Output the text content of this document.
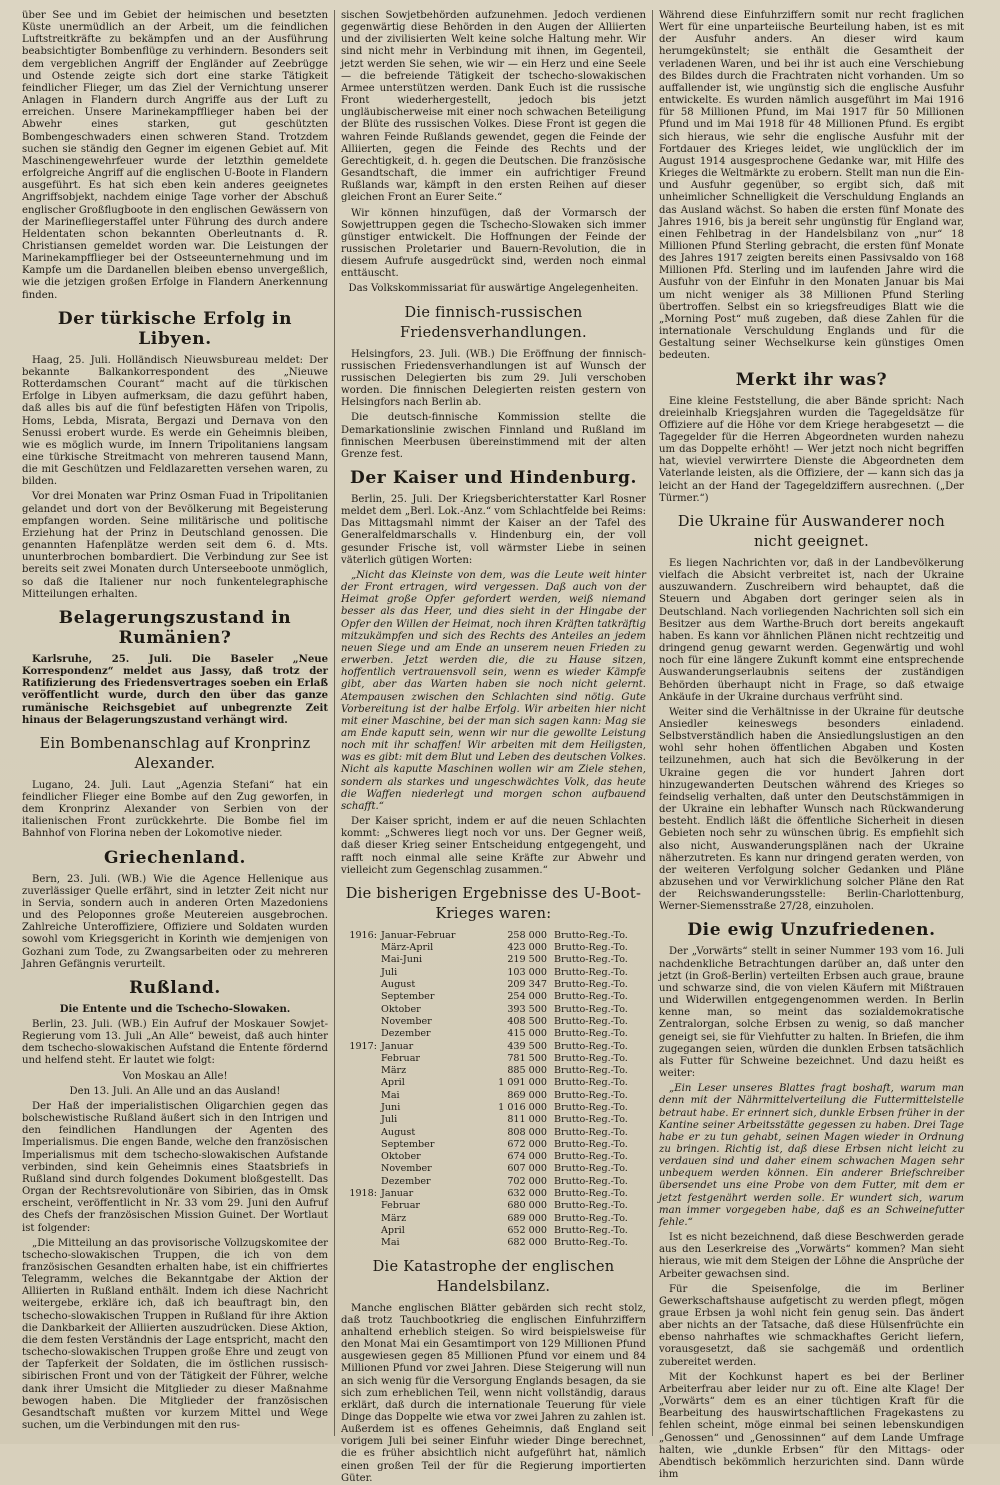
über See und im Gebiet der heimischen und besetzten Küste unermüdlich an der Arbeit, um die feindlichen Luftstreitkräfte zu bekämpfen und an der Ausführung beabsichtigter Bombenflüge zu verhindern. Besonders seit dem vergeblichen Angriff der Engländer auf Zeebrügge und Ostende zeigte sich dort eine starke Tätigkeit feindlicher Flieger, um das Ziel der Vernichtung unserer Anlagen in Flandern durch Angriffe aus der Luft zu erreichen. Unsere Marinekampfflieger haben bei der Abwehr eines starken, gut geschützten Bombengeschwaders einen schweren Stand. Trotzdem suchen sie ständig den Gegner im eigenen Gebiet auf. Mit Maschinengewehrfeuer wurde der letzthin gemeldete erfolgreiche Angriff auf die englischen U-Boote in Flandern ausgeführt. Es hat sich eben kein anderes geeignetes Angriffsobjekt, nachdem einige Tage vorher der Abschuß englischer Großflugboote in den englischen Gewässern von der Marinefliegerstaffel unter Führung des durch andere Heldentaten schon bekannten Oberleutnants d. R. Christiansen gemeldet worden war. Die Leistungen der Marinekampfflieger bei der Ostseeunternehmung und im Kampfe um die Dardanellen bleiben ebenso unvergeßlich, wie die jetzigen großen Erfolge in Flandern Anerkennung finden.

Der türkische Erfolg in Libyen.

Haag, 25. Juli. Holländisch Nieuwsbureau meldet: Der bekannte Balkankorrespondent des „Nieuwe Rotterdamschen Courant“ macht auf die türkischen Erfolge in Libyen aufmerksam, die dazu geführt haben, daß alles bis auf die fünf befestigten Häfen von Tripolis, Homs, Lebda, Misrata, Bergazi und Dernava von den Senussi erobert wurde. Es werde ein Geheimnis bleiben, wie es möglich wurde, im Innern Tripolitaniens langsam eine türkische Streitmacht von mehreren tausend Mann, die mit Geschützen und Feldlazaretten versehen waren, zu bilden.

Vor drei Monaten war Prinz Osman Fuad in Tripolitanien gelandet und dort von der Bevölkerung mit Begeisterung empfangen worden. Seine militärische und politische Erziehung hat der Prinz in Deutschland genossen. Die genannten Hafenplätze werden seit dem 6. d. Mts. ununterbrochen bombardiert. Die Verbindung zur See ist bereits seit zwei Monaten durch Unterseeboote unmöglich, so daß die Italiener nur noch funkentelegraphische Mitteilungen erhalten.

Belagerungszustand in Rumänien?

Karlsruhe, 25. Juli. Die Baseler „Neue Korrespondenz“ meldet aus Jassy, daß trotz der Ratifizierung des Friedensvertrages soeben ein Erlaß veröffentlicht wurde, durch den über das ganze rumänische Reichsgebiet auf unbegrenzte Zeit hinaus der Belagerungszustand verhängt wird.

Ein Bombenanschlag auf Kronprinz Alexander.

Lugano, 24. Juli. Laut „Agenzia Stefani“ hat ein feindlicher Flieger eine Bombe auf den Zug geworfen, in dem Kronprinz Alexander von Serbien von der italienischen Front zurückkehrte. Die Bombe fiel im Bahnhof von Florina neben der Lokomotive nieder.

Griechenland.

Bern, 23. Juli. (WB.) Wie die Agence Hellenique aus zuverlässiger Quelle erfährt, sind in letzter Zeit nicht nur in Servia, sondern auch in anderen Orten Mazedoniens und des Peloponnes große Meutereien ausgebrochen. Zahlreiche Unteroffiziere, Offiziere und Soldaten wurden sowohl vom Kriegsgericht in Korinth wie demjenigen von Gozhani zum Tode, zu Zwangsarbeiten oder zu mehreren Jahren Gefängnis verurteilt.

Rußland.

Die Entente und die Tschecho-Slowaken.

Berlin, 23. Juli. (WB.) Ein Aufruf der Moskauer Sowjet-Regierung vom 13. Juli „An Alle“ beweist, daß auch hinter dem tschecho-slowakischen Aufstand die Entente fördernd und helfend steht. Er lautet wie folgt:

Von Moskau an Alle!

Den 13. Juli. An Alle und an das Ausland!

Der Haß der imperialistischen Oligarchien gegen das bolschewistische Rußland äußert sich in den Intrigen und den feindlichen Handlungen der Agenten des Imperialismus. Die engen Bande, welche den französischen Imperialismus mit dem tschecho-slowakischen Aufstande verbinden, sind kein Geheimnis eines Staatsbriefs in Rußland sind durch folgendes Dokument bloßgestellt. Das Organ der Rechtsrevolutionäre von Sibirien, das in Omsk erscheint, veröffentlicht in Nr. 33 vom 29. Juni den Aufruf des Chefs der französischen Mission Guinet. Der Wortlaut ist folgender:

„Die Mitteilung an das provisorische Vollzugskomitee der tschecho-slowakischen Truppen, die ich von dem französischen Gesandten erhalten habe, ist ein chiffriertes Telegramm, welches die Bekanntgabe der Aktion der Alliierten in Rußland enthält. Indem ich diese Nachricht weitergebe, erkläre ich, daß ich beauftragt bin, den tschecho-slowakischen Truppen in Rußland für ihre Aktion die Dankbarkeit der Alliierten auszudrücken. Diese Aktion, die dem festen Verständnis der Lage entspricht, macht den tschecho-slowakischen Truppen große Ehre und zeugt von der Tapferkeit der Soldaten, die im östlichen russisch-sibirischen Front und von der Tätigkeit der Führer, welche dank ihrer Umsicht die Mitglieder zu dieser Maßnahme bewogen haben. Die Mitglieder der französischen Gesandtschaft mußten vor kurzem Mittel und Wege suchen, um die Verbindungen mit den rus-

sischen Sowjetbehörden aufzunehmen. Jedoch verdienen gegenwärtig diese Behörden in den Augen der Alliierten und der zivilisierten Welt keine solche Haltung mehr. Wir sind nicht mehr in Verbindung mit ihnen, im Gegenteil, jetzt werden Sie sehen, wie wir — ein Herz und eine Seele — die befreiende Tätigkeit der tschecho-slowakischen Armee unterstützen werden. Dank Euch ist die russische Front wiederhergestellt, jedoch bis jetzt ungläubischerweise mit einer noch schwachen Beteiligung der Blüte des russischen Volkes. Diese Front ist gegen die wahren Feinde Rußlands gewendet, gegen die Feinde der Alliierten, gegen die Feinde des Rechts und der Gerechtigkeit, d. h. gegen die Deutschen. Die französische Gesandtschaft, die immer ein aufrichtiger Freund Rußlands war, kämpft in den ersten Reihen auf dieser gleichen Front an Eurer Seite.“

Wir können hinzufügen, daß der Vormarsch der Sowjettruppen gegen die Tschecho-Slowaken sich immer günstiger entwickelt. Die Hoffnungen der Feinde der russischen Proletarier und Bauern-Revolution, die in diesem Aufrufe ausgedrückt sind, werden noch einmal enttäuscht.

Das Volkskommissariat für auswärtige Angelegenheiten.

Die finnisch-russischen Friedensverhandlungen.

Helsingfors, 23. Juli. (WB.) Die Eröffnung der finnisch-russischen Friedensverhandlungen ist auf Wunsch der russischen Delegierten bis zum 29. Juli verschoben worden. Die finnischen Delegierten reisten gestern von Helsingfors nach Berlin ab.

Die deutsch-finnische Kommission stellte die Demarkationslinie zwischen Finnland und Rußland im finnischen Meerbusen übereinstimmend mit der alten Grenze fest.

Der Kaiser und Hindenburg.

Berlin, 25. Juli. Der Kriegsberichterstatter Karl Rosner meldet dem „Berl. Lok.-Anz.“ vom Schlachtfelde bei Reims: Das Mittagsmahl nimmt der Kaiser an der Tafel des Generalfeldmarschalls v. Hindenburg ein, der voll gesunder Frische ist, voll wärmster Liebe in seinen väterlich gütigen Worten:

„Nicht das Kleinste von dem, was die Leute weit hinter der Front ertragen, wird vergessen. Daß auch von der Heimat große Opfer gefordert werden, weiß niemand besser als das Heer, und dies sieht in der Hingabe der Opfer den Willen der Heimat, noch ihren Kräften tatkräftig mitzukämpfen und sich des Rechts des Anteiles an jedem neuen Siege und am Ende an unserem neuen Frieden zu erwerben. Jetzt werden die, die zu Hause sitzen, hoffentlich vertrauensvoll sein, wenn es wieder Kämpfe gibt, aber das Warten haben sie noch nicht gelernt. Atempausen zwischen den Schlachten sind nötig. Gute Vorbereitung ist der halbe Erfolg. Wir arbeiten hier nicht mit einer Maschine, bei der man sich sagen kann: Mag sie am Ende kaputt sein, wenn wir nur die gewollte Leistung noch mit ihr schaffen! Wir arbeiten mit dem Heiligsten, was es gibt: mit dem Blut und Leben des deutschen Volkes. Nicht als kaputte Maschinen wollen wir am Ziele stehen, sondern als starkes und ungeschwächtes Volk, das heute die Waffen niederlegt und morgen schon aufbauend schafft.“

Der Kaiser spricht, indem er auf die neuen Schlachten kommt: „Schweres liegt noch vor uns. Der Gegner weiß, daß dieser Krieg seiner Entscheidung entgegengeht, und rafft noch einmal alle seine Kräfte zur Abwehr und vielleicht zum Gegenschlag zusammen.“

Die bisherigen Ergebnisse des U-Boot-Krieges waren:
1916:	Januar-Februar	258 000	Brutto-Reg.-To.
	März-April	423 000	Brutto-Reg.-To.
	Mai-Juni	219 500	Brutto-Reg.-To.
	Juli	103 000	Brutto-Reg.-To.
	August	209 347	Brutto-Reg.-To.
	September	254 000	Brutto-Reg.-To.
	Oktober	393 500	Brutto-Reg.-To.
	November	408 500	Brutto-Reg.-To.
	Dezember	415 000	Brutto-Reg.-To.
1917:	Januar	439 500	Brutto-Reg.-To.
	Februar	781 500	Brutto-Reg.-To.
	März	885 000	Brutto-Reg.-To.
	April	1 091 000	Brutto-Reg.-To.
	Mai	869 000	Brutto-Reg.-To.
	Juni	1 016 000	Brutto-Reg.-To.
	Juli	811 000	Brutto-Reg.-To.
	August	808 000	Brutto-Reg.-To.
	September	672 000	Brutto-Reg.-To.
	Oktober	674 000	Brutto-Reg.-To.
	November	607 000	Brutto-Reg.-To.
	Dezember	702 000	Brutto-Reg.-To.
1918:	Januar	632 000	Brutto-Reg.-To.
	Februar	680 000	Brutto-Reg.-To.
	März	689 000	Brutto-Reg.-To.
	April	652 000	Brutto-Reg.-To.
	Mai	682 000	Brutto-Reg.-To.
Die Katastrophe der englischen Handelsbilanz.

Manche englischen Blätter gebärden sich recht stolz, daß trotz Tauchbootkrieg die englischen Einfuhrziffern anhaltend erheblich steigen. So wird beispielsweise für den Monat Mai ein Gesamtimport von 129 Millionen Pfund ausgewiesen gegen 85 Millionen Pfund vor einem und 84 Millionen Pfund vor zwei Jahren. Diese Steigerung will nun an sich wenig für die Versorgung Englands besagen, da sie sich zum erheblichen Teil, wenn nicht vollständig, daraus erklärt, daß durch die internationale Teuerung für viele Dinge das Doppelte wie etwa vor zwei Jahren zu zahlen ist. Außerdem ist es offenes Geheimnis, daß England seit vorigem Juli bei seiner Einfuhr wieder Dinge berechnet, die es früher absichtlich nicht aufgeführt hat, nämlich einen großen Teil der für die Regierung importierten Güter.

Während diese Einfuhrziffern somit nur recht fraglichen Wert für eine unparteiische Beurteilung haben, ist es mit der Ausfuhr anders. An dieser wird kaum herumgekünstelt; sie enthält die Gesamtheit der verladenen Waren, und bei ihr ist auch eine Verschiebung des Bildes durch die Frachtraten nicht vorhanden. Um so auffallender ist, wie ungünstig sich die englische Ausfuhr entwickelte. Es wurden nämlich ausgeführt im Mai 1916 für 58 Millionen Pfund, im Mai 1917 für 50 Millionen Pfund und im Mai 1918 für 48 Millionen Pfund. Es ergibt sich hieraus, wie sehr die englische Ausfuhr mit der Fortdauer des Krieges leidet, wie unglücklich der im August 1914 ausgesprochene Gedanke war, mit Hilfe des Krieges die Weltmärkte zu erobern. Stellt man nun die Ein- und Ausfuhr gegenüber, so ergibt sich, daß mit unheimlicher Schnelligkeit die Verschuldung Englands an das Ausland wächst. So haben die ersten fünf Monate des Jahres 1916, bis ja bereit sehr ungünstig für England war, einen Fehlbetrag in der Handelsbilanz von „nur“ 18 Millionen Pfund Sterling gebracht, die ersten fünf Monate des Jahres 1917 zeigten bereits einen Passivsaldo von 168 Millionen Pfd. Sterling und im laufenden Jahre wird die Ausfuhr von der Einfuhr in den Monaten Januar bis Mai um nicht weniger als 38 Millionen Pfund Sterling übertroffen. Selbst ein so kriegsfreudiges Blatt wie die „Morning Post“ muß zugeben, daß diese Zahlen für die internationale Verschuldung Englands und für die Gestaltung seiner Wechselkurse kein günstiges Omen bedeuten.

Merkt ihr was?

Eine kleine Feststellung, die aber Bände spricht: Nach dreieinhalb Kriegsjahren wurden die Tagegeldsätze für Offiziere auf die Höhe vor dem Kriege herabgesetzt — die Tagegelder für die Herren Abgeordneten wurden nahezu um das Doppelte erhöht! — Wer jetzt noch nicht begriffen hat, wieviel verwirrtere Dienste die Abgeordneten dem Vaterlande leisten, als die Offiziere, der — kann sich das ja leicht an der Hand der Tagegeldziffern ausrechnen. („Der Türmer.“)

Die Ukraine für Auswanderer noch nicht geeignet.

Es liegen Nachrichten vor, daß in der Landbevölkerung vielfach die Absicht verbreitet ist, nach der Ukraine auszuwandern. Zuschreibern wird behauptet, daß die Steuern und Abgaben dort geringer seien als in Deutschland. Nach vorliegenden Nachrichten soll sich ein Besitzer aus dem Warthe-Bruch dort bereits angekauft haben. Es kann vor ähnlichen Plänen nicht rechtzeitig und dringend genug gewarnt werden. Gegenwärtig und wohl noch für eine längere Zukunft kommt eine entsprechende Auswanderungserlaubnis seitens der zuständigen Behörden überhaupt nicht in Frage, so daß etwaige Ankäufe in der Ukraine durchaus verfrüht sind.

Weiter sind die Verhältnisse in der Ukraine für deutsche Ansiedler keineswegs besonders einladend. Selbstverständlich haben die Ansiedlungslustigen an den wohl sehr hohen öffentlichen Abgaben und Kosten teilzunehmen, auch hat sich die Bevölkerung in der Ukraine gegen die vor hundert Jahren dort hinzugewanderten Deutschen während des Krieges so feindselig verhalten, daß unter den Deutschstämmigen in der Ukraine ein lebhafter Wunsch nach Rückwanderung besteht. Endlich läßt die öffentliche Sicherheit in diesen Gebieten noch sehr zu wünschen übrig. Es empfiehlt sich also nicht, Auswanderungsplänen nach der Ukraine näherzutreten. Es kann nur dringend geraten werden, von der weiteren Verfolgung solcher Gedanken und Pläne abzusehen und vor Verwirklichung solcher Pläne den Rat der Reichswanderungsstelle: Berlin-Charlottenburg, Werner-Siemensstraße 27/28, einzuholen.

Die ewig Unzufriedenen.

Der „Vorwärts“ stellt in seiner Nummer 193 vom 16. Juli nachdenkliche Betrachtungen darüber an, daß unter den jetzt (in Groß-Berlin) verteilten Erbsen auch graue, braune und schwarze sind, die von vielen Käufern mit Mißtrauen und Widerwillen entgegengenommen werden. In Berlin kenne man, so meint das sozialdemokratische Zentralorgan, solche Erbsen zu wenig, so daß mancher geneigt sei, sie für Viehfutter zu halten. In Briefen, die ihm zugegangen seien, würden die dunklen Erbsen tatsächlich als Futter für Schweine bezeichnet. Und dazu heißt es weiter:

„Ein Leser unseres Blattes fragt boshaft, warum man denn mit der Nährmittelverteilung die Futtermittelstelle betraut habe. Er erinnert sich, dunkle Erbsen früher in der Kantine seiner Arbeitsstätte gegessen zu haben. Drei Tage habe er zu tun gehabt, seinen Magen wieder in Ordnung zu bringen. Richtig ist, daß diese Erbsen nicht leicht zu verdauen sind und daher einem schwachen Magen sehr unbequem werden können. Ein anderer Briefschreiber übersendet uns eine Probe von dem Futter, mit dem er jetzt festgenährt werden solle. Er wundert sich, warum man immer vorgegeben habe, daß es an Schweinefutter fehle.“

Ist es nicht bezeichnend, daß diese Beschwerden gerade aus den Leserkreise des „Vorwärts“ kommen? Man sieht hieraus, wie mit dem Steigen der Löhne die Ansprüche der Arbeiter gewachsen sind.

Für die Speisenfolge, die im Berliner Gewerkschaftshause aufgetischt zu werden pflegt, mögen graue Erbsen ja wohl nicht fein genug sein. Das ändert aber nichts an der Tatsache, daß diese Hülsenfrüchte ein ebenso nahrhaftes wie schmackhaftes Gericht liefern, vorausgesetzt, daß sie sachgemäß und ordentlich zubereitet werden.

Mit der Kochkunst hapert es bei der Berliner Arbeiterfrau aber leider nur zu oft. Eine alte Klage! Der „Vorwärts“ dem es an einer tüchtigen Kraft für die Bearbeitung des hauswirtschaftlichen Fragekastens zu fehlen scheint, möge einmal bei seinen lebenskundigen „Genossen“ und „Genossinnen“ auf dem Lande Umfrage halten, wie „dunkle Erbsen“ für den Mittags- oder Abendtisch bekömmlich herzurichten sind. Dann würde ihm
